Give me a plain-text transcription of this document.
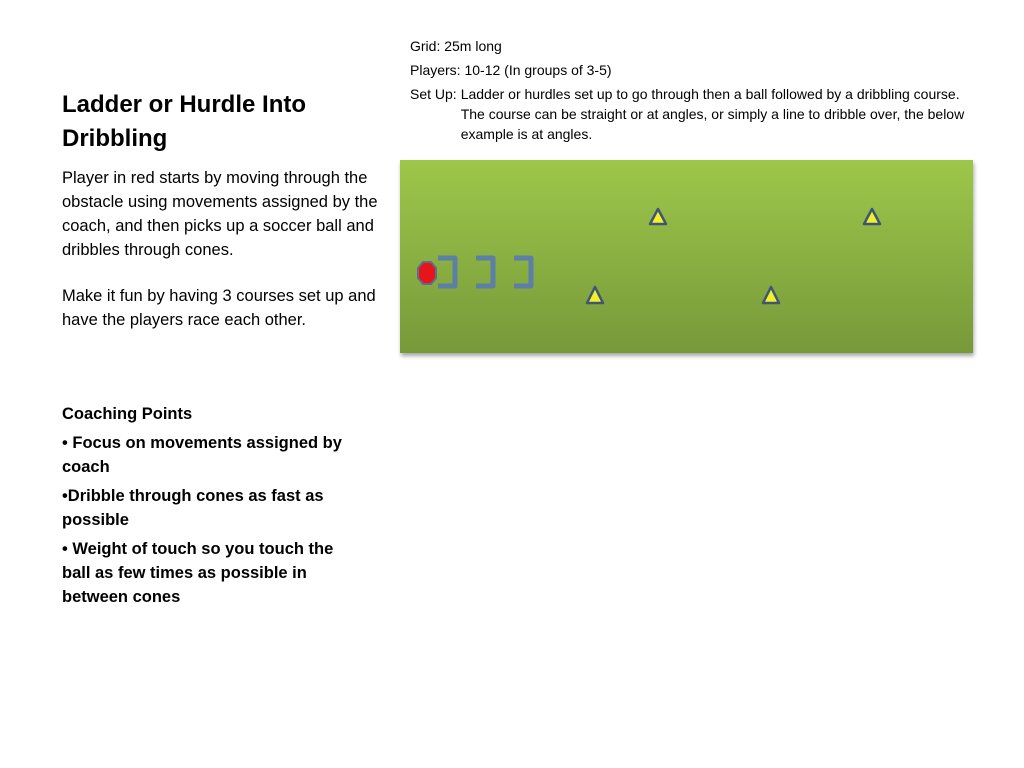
Grid: 25m long

Players: 10-12 (In groups of 3-5)

Set Up: Ladder or hurdles set up to go through then a ball followed by a dribbling course. The course can be straight or at angles, or simply a line to dribble over, the below example is at angles.
Ladder or Hurdle Into Dribbling

Player in red starts by moving through the obstacle using movements assigned by the coach, and then picks up a soccer ball and dribbles through cones.

Make it fun by having 3 courses set up and have the players race each other.

Coaching Points

• Focus on movements assigned by coach

•Dribble through cones as fast as possible

• Weight of touch so you touch the ball as few times as possible in between cones
